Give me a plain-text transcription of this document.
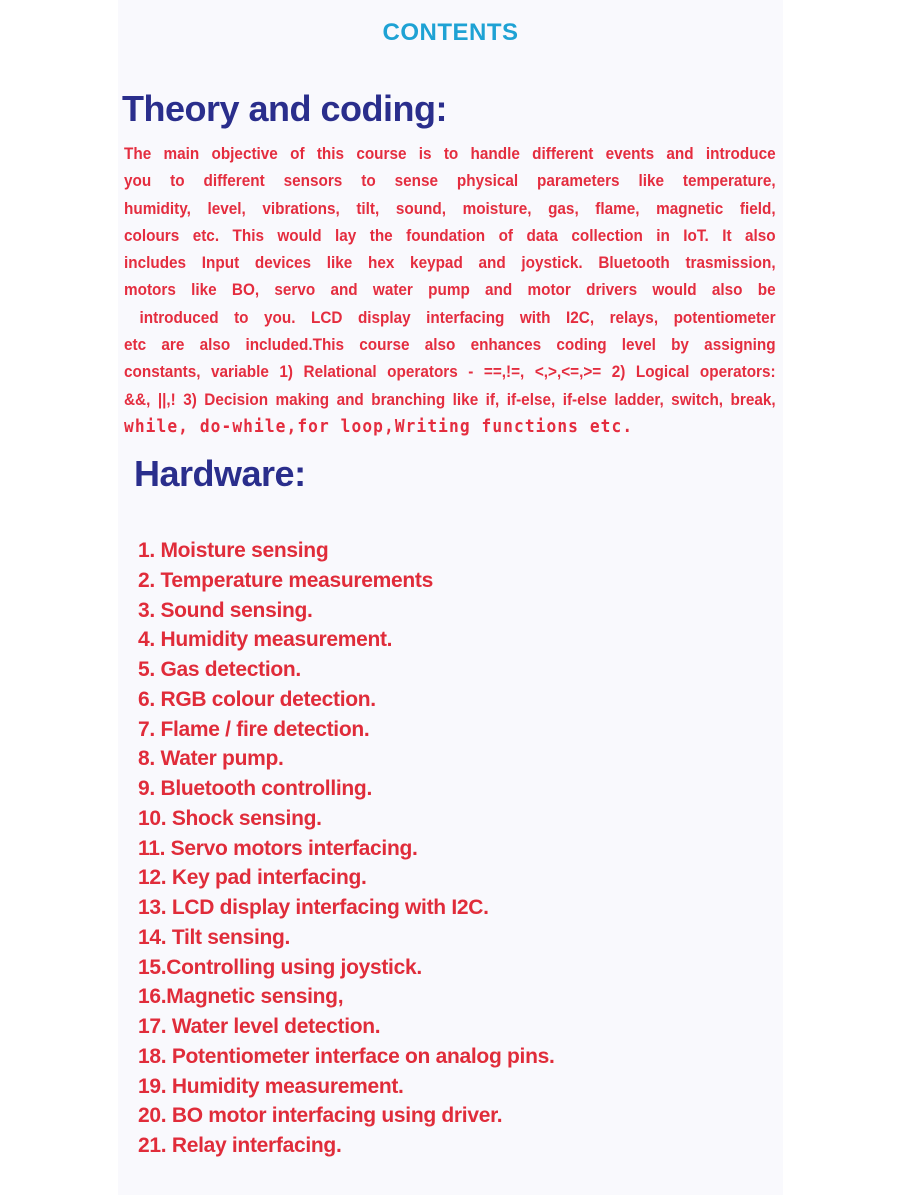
CONTENTS
Theory and coding:
The main objective of this course is to handle different events and introduce
you to different sensors to sense physical parameters like temperature,
humidity, level, vibrations, tilt, sound, moisture, gas, flame, magnetic field,
colours etc. This would lay the foundation of data collection in IoT. It also
includes Input devices like hex keypad and joystick. Bluetooth trasmission,
motors like BO, servo and water pump and motor drivers would also be
introduced to you. LCD display interfacing with I2C, relays, potentiometer
etc are also included.This course also enhances coding level by assigning
constants, variable 1) Relational operators - ==,!=, <,>,<=,>= 2) Logical operators:
&&, ||,! 3) Decision making and branching like if, if-else, if-else ladder, switch, break,
while, do-while,for loop,Writing functions etc.
Hardware:
1. Moisture sensing
2. Temperature measurements
3. Sound sensing.
4. Humidity measurement.
5. Gas detection.
6. RGB colour detection.
7. Flame / fire detection.
8. Water pump.
9. Bluetooth controlling.
10. Shock sensing.
11. Servo motors interfacing.
12. Key pad interfacing.
13. LCD display interfacing with I2C.
14. Tilt sensing.
15.Controlling using joystick.
16.Magnetic sensing,
17. Water level detection.
18. Potentiometer interface on analog pins.
19. Humidity measurement.
20. BO motor interfacing using driver.
21. Relay interfacing.
